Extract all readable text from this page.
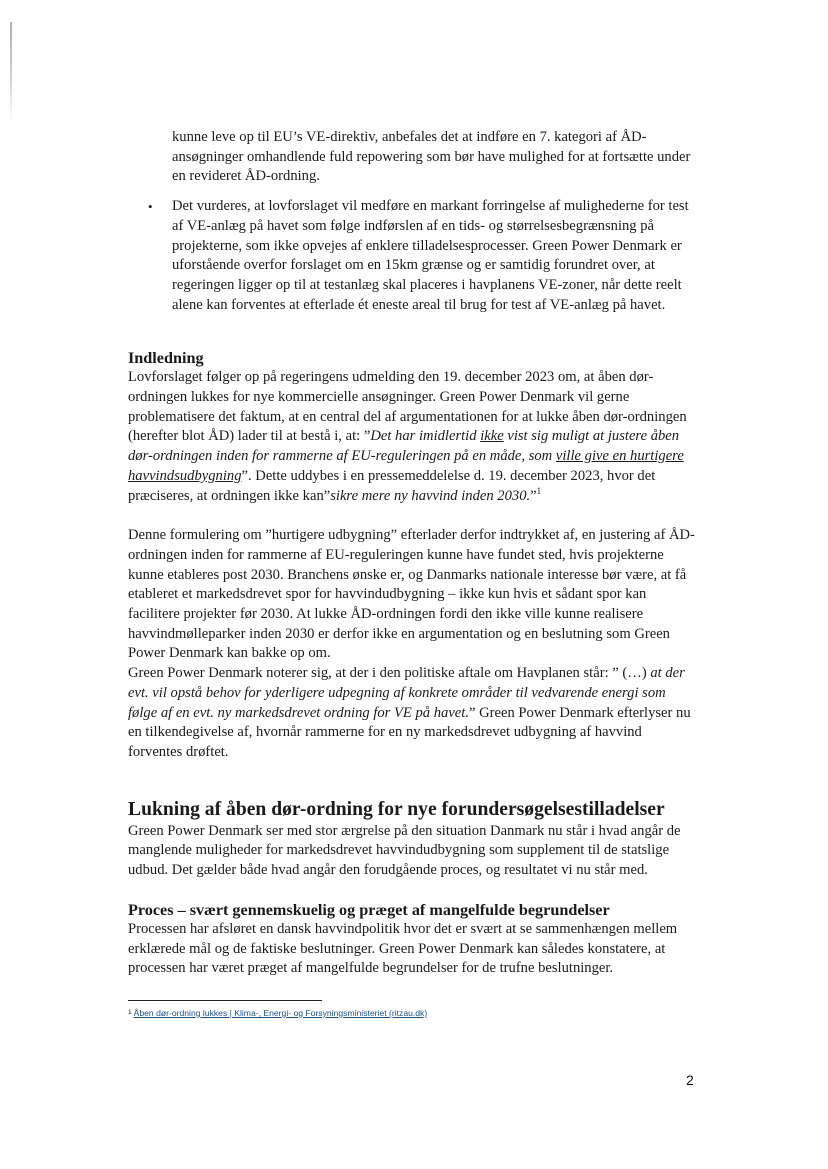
kunne leve op til EU’s VE-direktiv, anbefales det at indføre en 7. kategori af ÅD-ansøgninger omhandlende fuld repowering som bør have mulighed for at fortsætte under en revideret ÅD-ordning.

• Det vurderes, at lovforslaget vil medføre en markant forringelse af mulighederne for test af VE-anlæg på havet som følge indførslen af en tids- og størrelsesbegrænsning på projekterne, som ikke opvejes af enklere tilladelsesprocesser. Green Power Denmark er uforstående overfor forslaget om en 15km grænse og er samtidig forundret over, at regeringen ligger op til at testanlæg skal placeres i havplanens VE-zoner, når dette reelt alene kan forventes at efterlade ét eneste areal til brug for test af VE-anlæg på havet.
Indledning

Lovforslaget følger op på regeringens udmelding den 19. december 2023 om, at åben dør-ordningen lukkes for nye kommercielle ansøgninger. Green Power Denmark vil gerne problematisere det faktum, at en central del af argumentationen for at lukke åben dør-ordningen (herefter blot ÅD) lader til at bestå i, at: ”Det har imidlertid ikke vist sig muligt at justere åben dør-ordningen inden for rammerne af EU-reguleringen på en måde, som ville give en hurtigere havvindsudbygning”. Dette uddybes i en pressemeddelelse d. 19. december 2023, hvor det præciseres, at ordningen ikke kan”sikre mere ny havvind inden 2030.”$^1$

Denne formulering om ”hurtigere udbygning” efterlader derfor indtrykket af, en justering af ÅD-ordningen inden for rammerne af EU-reguleringen kunne have fundet sted, hvis projekterne kunne etableres post 2030. Branchens ønske er, og Danmarks nationale interesse bør være, at få etableret et markedsdrevet spor for havvindudbygning – ikke kun hvis et sådant spor kan facilitere projekter før 2030. At lukke ÅD-ordningen fordi den ikke ville kunne realisere havvindmølleparker inden 2030 er derfor ikke en argumentation og en beslutning som Green Power Denmark kan bakke op om.

Green Power Denmark noterer sig, at der i den politiske aftale om Havplanen står: ” (…) at der evt. vil opstå behov for yderligere udpegning af konkrete områder til vedvarende energi som følge af en evt. ny markedsdrevet ordning for VE på havet.” Green Power Denmark efterlyser nu en tilkendegivelse af, hvornår rammerne for en ny markedsdrevet udbygning af havvind forventes drøftet.

Lukning af åben dør-ordning for nye forundersøgelsestilladelser

Green Power Denmark ser med stor ærgrelse på den situation Danmark nu står i hvad angår de manglende muligheder for markedsdrevet havvindudbygning som supplement til de statslige udbud. Det gælder både hvad angår den forudgående proces, og resultatet vi nu står med.

Proces – svært gennemskuelig og præget af mangelfulde begrundelser

Processen har afsløret en dansk havvindpolitik hvor det er svært at se sammenhængen mellem erklærede mål og de faktiske beslutninger. Green Power Denmark kan således konstatere, at processen har været præget af mangelfulde begrundelser for de trufne beslutninger.

$^1$ Åben dør-ordning lukkes | Klima-, Energi- og Forsyningsministeriet (ritzau.dk)
2
